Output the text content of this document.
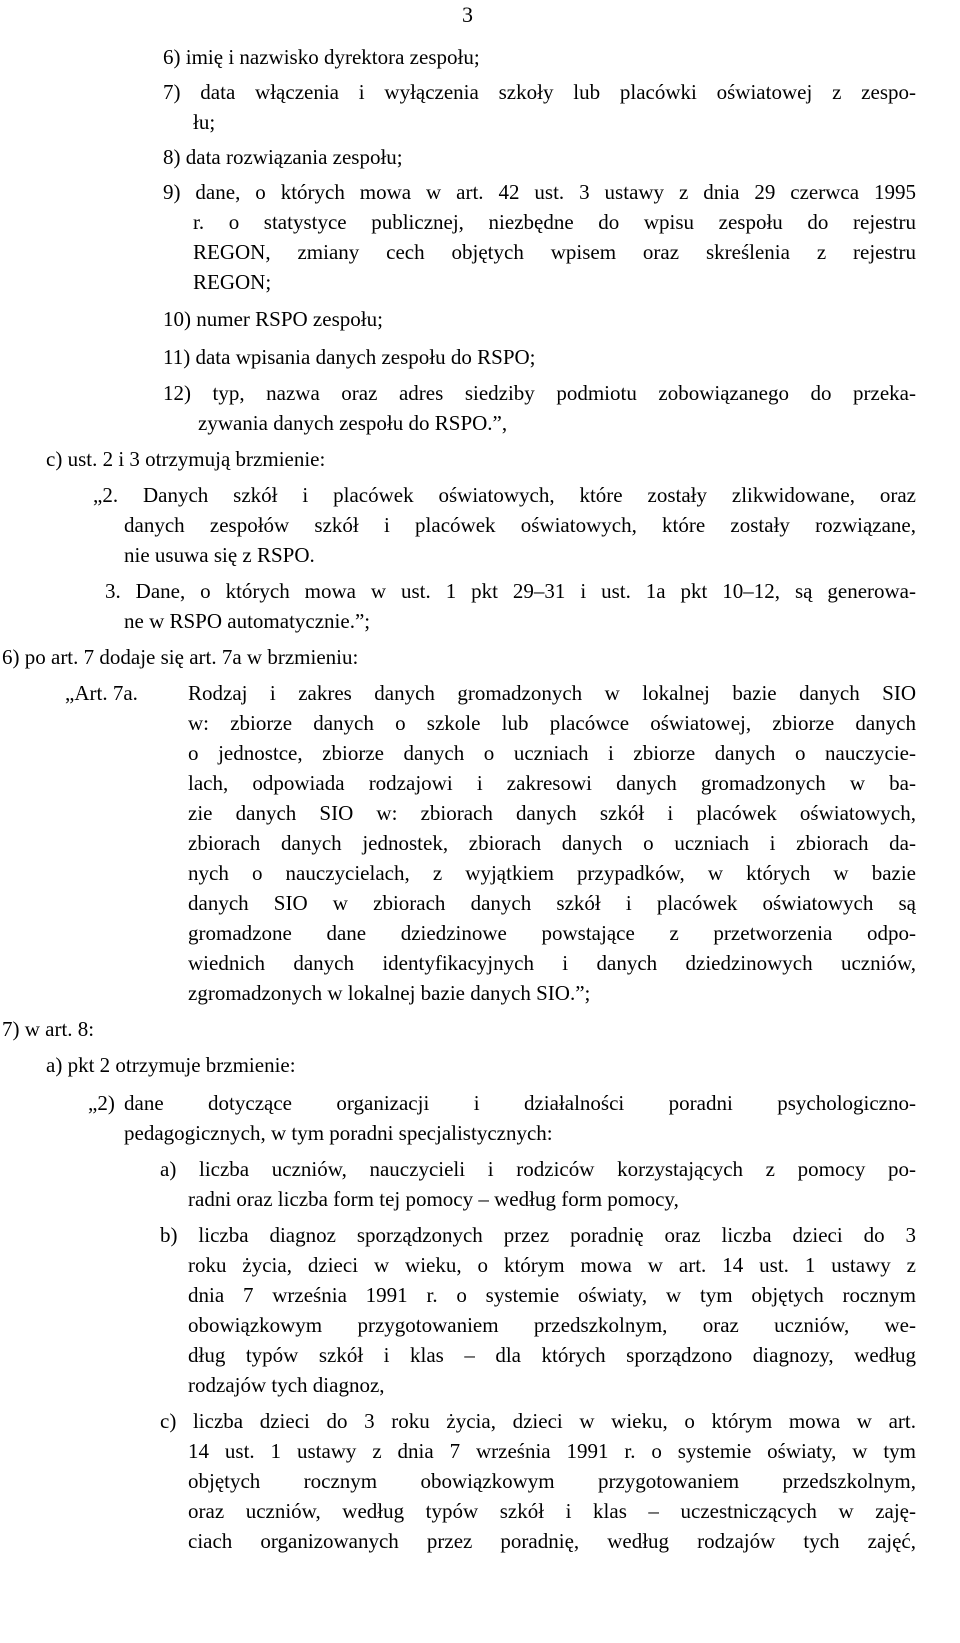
3
6) imię i nazwisko dyrektora zespołu;
7) data włączenia i wyłączenia szkoły lub placówki oświatowej z zespo-
łu;
8) data rozwiązania zespołu;
9) dane, o których mowa w art. 42 ust. 3 ustawy z dnia 29 czerwca 1995
r. o statystyce publicznej, niezbędne do wpisu zespołu do rejestru
REGON, zmiany cech objętych wpisem oraz skreślenia z rejestru
REGON;
10) numer RSPO zespołu;
11) data wpisania danych zespołu do RSPO;
12) typ, nazwa oraz adres siedziby podmiotu zobowiązanego do przeka-
zywania danych zespołu do RSPO.”,
c) ust. 2 i 3 otrzymują brzmienie:
„2. Danych szkół i placówek oświatowych, które zostały zlikwidowane, oraz
danych zespołów szkół i placówek oświatowych, które zostały rozwiązane,
nie usuwa się z RSPO.
3. Dane, o których mowa w ust. 1 pkt 29–31 i ust. 1a pkt 10–12, są generowa-
ne w RSPO automatycznie.”;
6) po art. 7 dodaje się art. 7a w brzmieniu:
„Art. 7a. Rodzaj i zakres danych gromadzonych w lokalnej bazie danych SIO
w: zbiorze danych o szkole lub placówce oświatowej, zbiorze danych
o jednostce, zbiorze danych o uczniach i zbiorze danych o nauczycie-
lach, odpowiada rodzajowi i zakresowi danych gromadzonych w ba-
zie danych SIO w: zbiorach danych szkół i placówek oświatowych,
zbiorach danych jednostek, zbiorach danych o uczniach i zbiorach da-
nych o nauczycielach, z wyjątkiem przypadków, w których w bazie
danych SIO w zbiorach danych szkół i placówek oświatowych są
gromadzone dane dziedzinowe powstające z przetworzenia odpo-
wiednich danych identyfikacyjnych i danych dziedzinowych uczniów,
zgromadzonych w lokalnej bazie danych SIO.”;
7) w art. 8:
a) pkt 2 otrzymuje brzmienie:
„2) dane dotyczące organizacji i działalności poradni psychologiczno-
pedagogicznych, w tym poradni specjalistycznych:
a) liczba uczniów, nauczycieli i rodziców korzystających z pomocy po-
radni oraz liczba form tej pomocy – według form pomocy,
b) liczba diagnoz sporządzonych przez poradnię oraz liczba dzieci do 3
roku życia, dzieci w wieku, o którym mowa w art. 14 ust. 1 ustawy z
dnia 7 września 1991 r. o systemie oświaty, w tym objętych rocznym
obowiązkowym przygotowaniem przedszkolnym, oraz uczniów, we-
dług typów szkół i klas – dla których sporządzono diagnozy, według
rodzajów tych diagnoz,
c) liczba dzieci do 3 roku życia, dzieci w wieku, o którym mowa w art.
14 ust. 1 ustawy z dnia 7 września 1991 r. o systemie oświaty, w tym
objętych rocznym obowiązkowym przygotowaniem przedszkolnym,
oraz uczniów, według typów szkół i klas – uczestniczących w zaję-
ciach organizowanych przez poradnię, według rodzajów tych zajęć,
